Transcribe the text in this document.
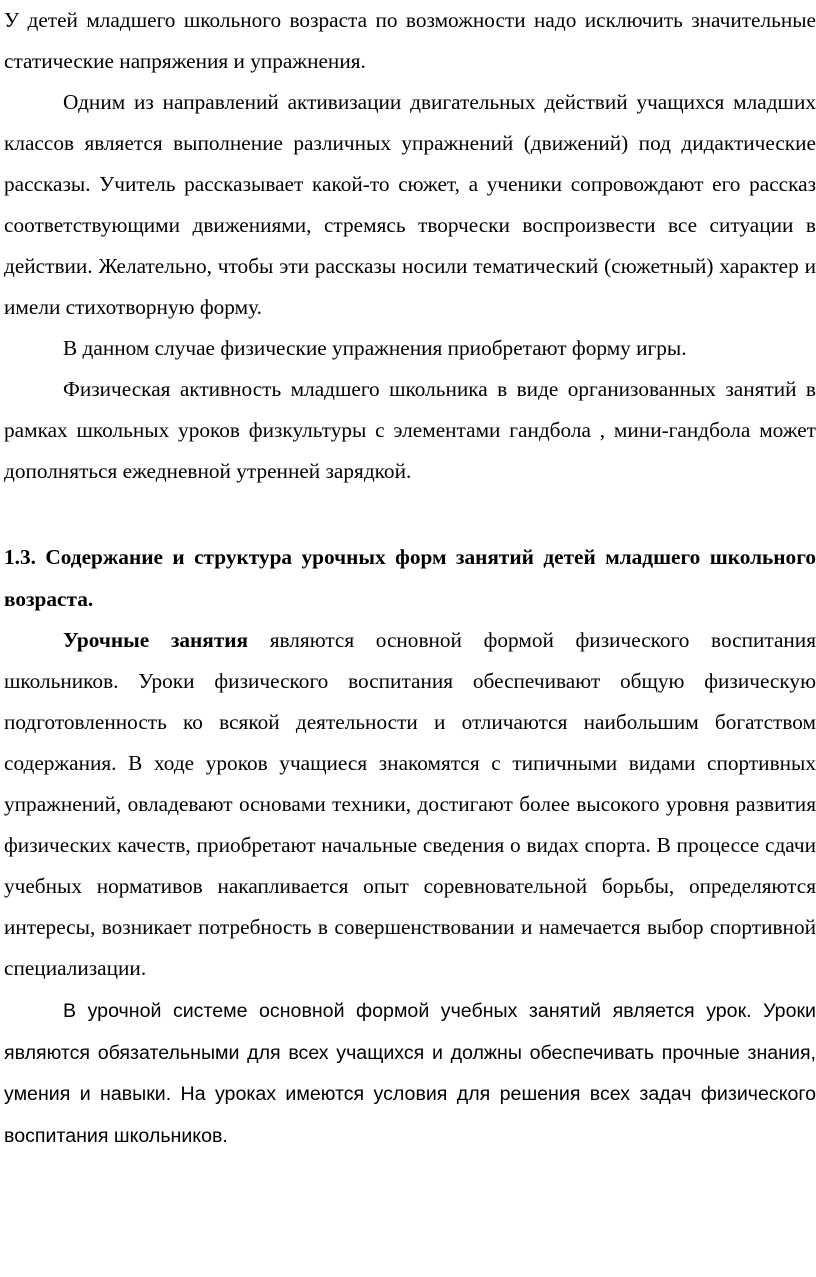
У детей младшего школьного возраста по возможности надо исключить значительные статические напряжения и упражнения.

Одним из направлений активизации двигательных действий учащихся младших классов является выполнение различных упражнений (движений) под дидактические рассказы. Учитель рассказывает какой-то сюжет, а ученики сопровождают его рассказ соответствующими движениями, стремясь творчески воспроизвести все ситуации в действии. Желательно, чтобы эти рассказы носили тематический (сюжетный) характер и имели стихотворную форму.

В данном случае физические упражнения приобретают форму игры.

Физическая активность младшего школьника в виде организованных занятий в рамках школьных уроков физкультуры с элементами гандбола , мини-гандбола может дополняться ежедневной утренней зарядкой.

1.3. Содержание и структура урочных форм занятий детей младшего школьного возраста.

Урочные занятия являются основной формой физического воспитания школьников. Уроки физического воспитания обеспечивают общую физическую подготовленность ко всякой деятельности и отличаются наибольшим богатством содержания. В ходе уроков учащиеся знакомятся с типичными видами спортивных упражнений, овладевают основами техники, достигают более высокого уровня развития физических качеств, приобретают начальные сведения о видах спорта. В процессе сдачи учебных нормативов накапливается опыт соревновательной борьбы, определяются интересы, возникает потребность в совершенствовании и намечается выбор спортивной специализации.

В урочной системе основной формой учебных занятий является урок. Уроки являются обязательными для всех учащихся и должны обеспечивать прочные знания, умения и навыки. На уроках имеются условия для решения всех задач физического воспитания школьников.
